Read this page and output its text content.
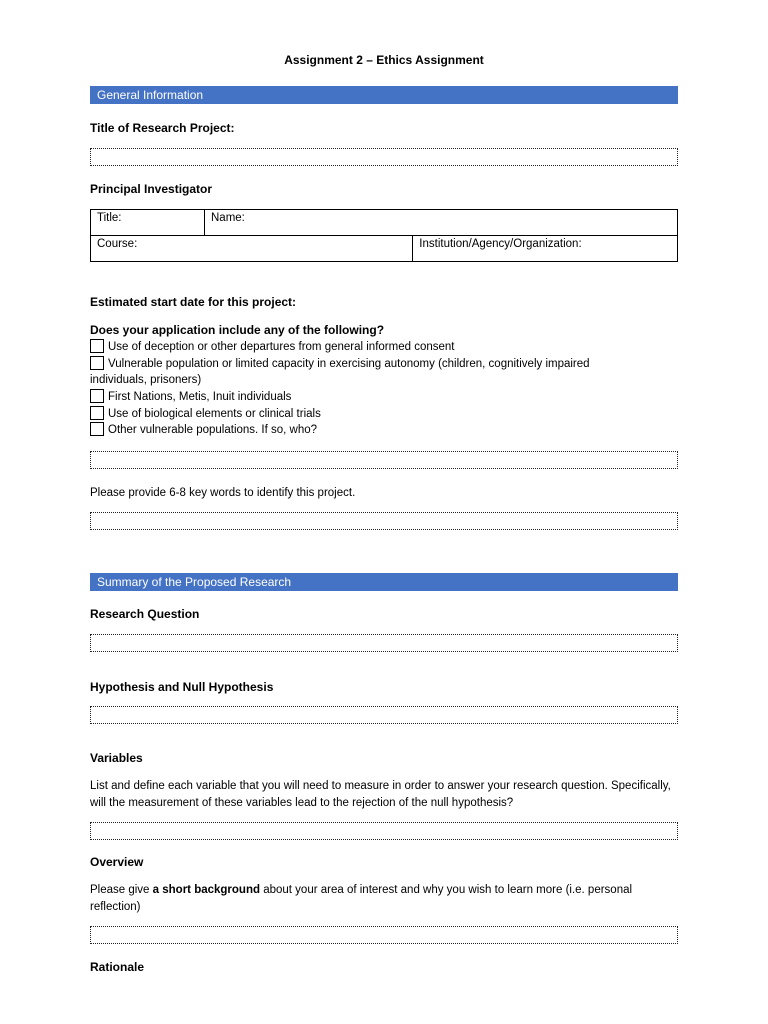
Assignment 2 – Ethics Assignment
General Information
Title of Research Project:
Principal Investigator
Title:	Name:	
Course:		Institution/Agency/Organization:
Estimated start date for this project:
Does your application include any of the following?
Use of deception or other departures from general informed consent
Vulnerable population or limited capacity in exercising autonomy (children, cognitively impaired
individuals, prisoners)
First Nations, Metis, Inuit individuals
Use of biological elements or clinical trials
Other vulnerable populations. If so, who?
Please provide 6-8 key words to identify this project.
Summary of the Proposed Research
Research Question
Hypothesis and Null Hypothesis
Variables
List and define each variable that you will need to measure in order to answer your research question. Specifically, will the measurement of these variables lead to the rejection of the null hypothesis?
Overview
Please give a short background about your area of interest and why you wish to learn more (i.e. personal reflection)
Rationale
